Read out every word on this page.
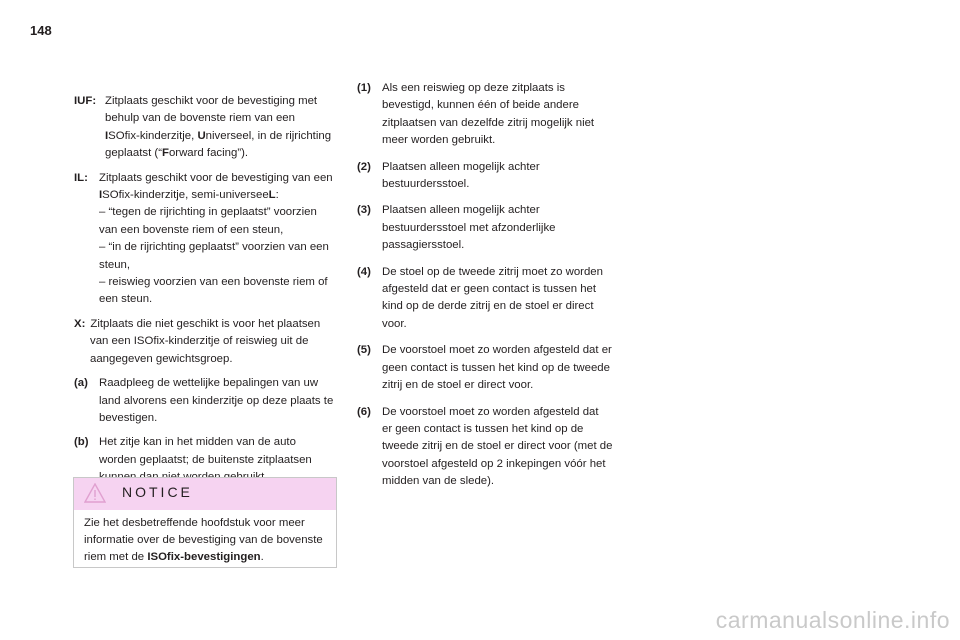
148
IUF: Zitplaats geschikt voor de bevestiging met
behulp van de bovenste riem van een
ISOfix-kinderzitje, Universeel, in de rijrichting
geplaatst (“Forward facing”).
IL: Zitplaats geschikt voor de bevestiging van een
ISOfix-kinderzitje, semi-universeeL:
– “tegen de rijrichting in geplaatst” voorzien
van een bovenste riem of een steun,
– “in de rijrichting geplaatst” voorzien van een
steun,
– reiswieg voorzien van een bovenste riem of
een steun.
X: Zitplaats die niet geschikt is voor het plaatsen
van een ISOfix-kinderzitje of reiswieg uit de
aangegeven gewichtsgroep.
(a) Raadpleeg de wettelijke bepalingen van uw
land alvorens een kinderzitje op deze plaats te
bevestigen.
(b) Het zitje kan in het midden van de auto
worden geplaatst; de buitenste zitplaatsen

NOTICE
Zie het desbetreffende hoofdstuk voor meer
informatie over de bevestiging van de bovenste
riem met de ISOfix-bevestigingen.
(1) Als een reiswieg op deze zitplaats is
bevestigd, kunnen één of beide andere
zitplaatsen van dezelfde zitrij mogelijk niet
meer worden gebruikt.
(2) Plaatsen alleen mogelijk achter
bestuurdersstoel.
(3) Plaatsen alleen mogelijk achter
bestuurdersstoel met afzonderlijke
passagiersstoel.
(4) De stoel op de tweede zitrij moet zo worden
afgesteld dat er geen contact is tussen het
kind op de derde zitrij en de stoel er direct
voor.
(5) De voorstoel moet zo worden afgesteld dat er
geen contact is tussen het kind op de tweede
zitrij en de stoel er direct voor.
(6) De voorstoel moet zo worden afgesteld dat
er geen contact is tussen het kind op de
tweede zitrij en de stoel er direct voor (met de
voorstoel afgesteld op 2 inkepingen vóór het
midden van de slede).
carmanualsonline.info
